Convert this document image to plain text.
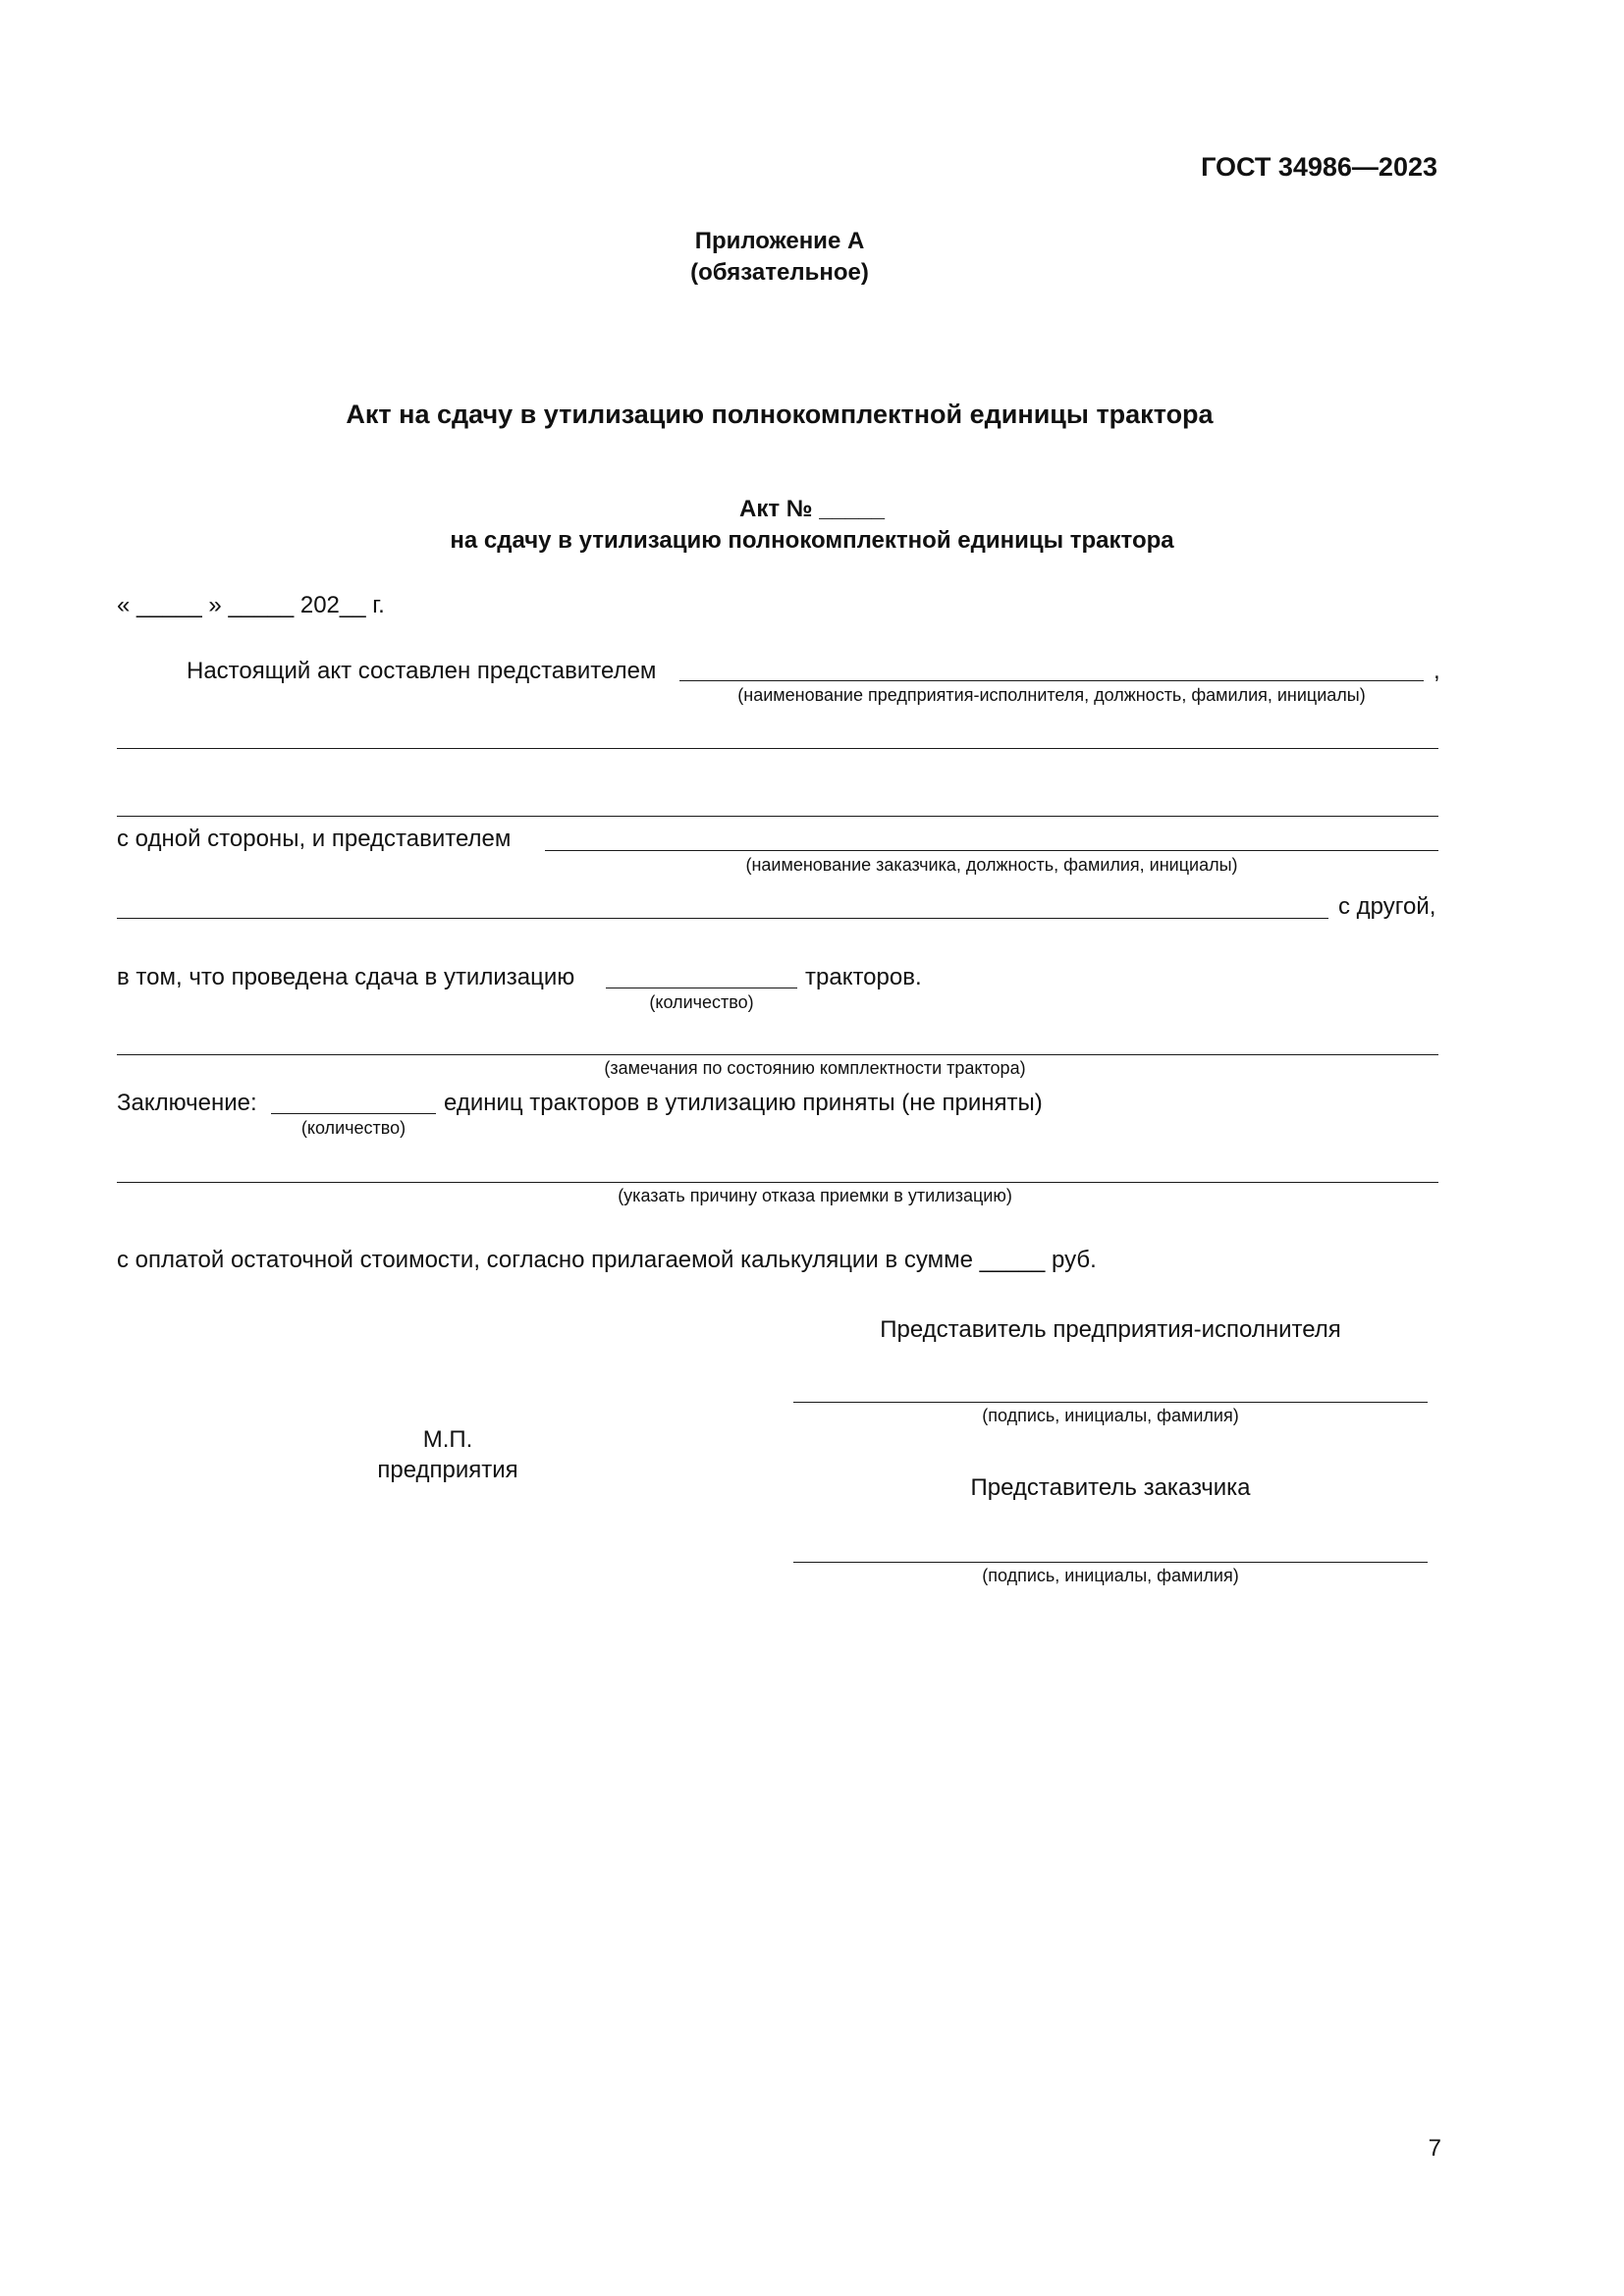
ГОСТ 34986—2023
Приложение А
(обязательное)
Акт на сдачу в утилизацию полнокомплектной единицы трактора
Акт № _____
на сдачу в утилизацию полнокомплектной единицы трактора
« _____ » _____ 202__ г.
Настоящий акт составлен представителем	,
(наименование предприятия-исполнителя, должность, фамилия, инициалы)
с одной стороны, и представителем
(наименование заказчика, должность, фамилия, инициалы)
с другой,
в том, что проведена сдача в утилизацию	тракторов.
(количество)
(замечания по состоянию комплектности трактора)
Заключение:	единиц тракторов в утилизацию приняты (не приняты)
(количество)
(указать причину отказа приемки в утилизацию)
с оплатой остаточной стоимости, согласно прилагаемой калькуляции в сумме _____ руб.
Представитель предприятия-исполнителя
(подпись, инициалы, фамилия)
М.П.
предприятия
Представитель заказчика
(подпись, инициалы, фамилия)
7
